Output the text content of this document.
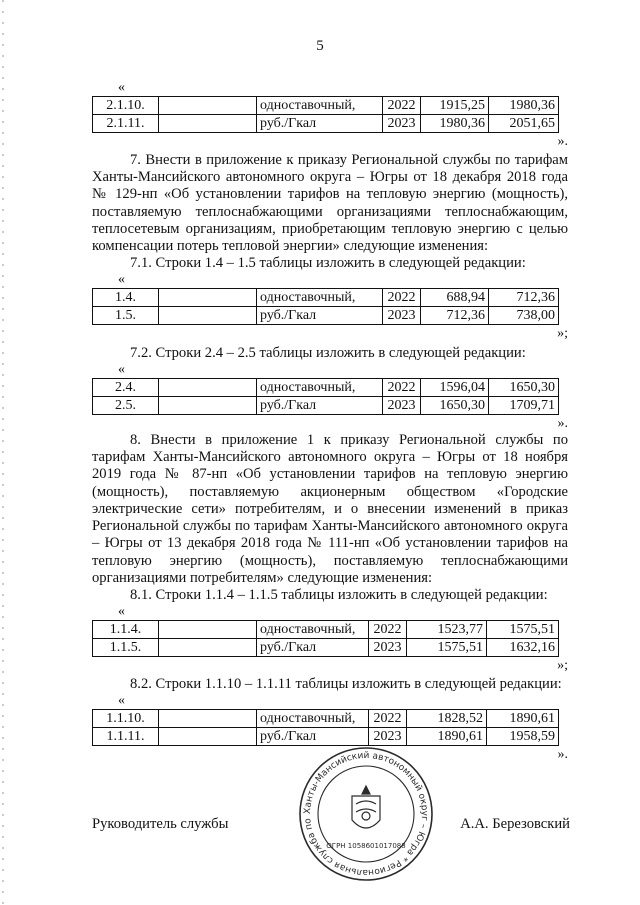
5
«
2.1.10.		одноставочный,	2022	1915,25	1980,36
2.1.11.		руб./Гкал	2023	1980,36	2051,65
».

7. Внести в приложение к приказу Региональной службы по тарифам Ханты-Мансийского автономного округа – Югры от 18 декабря 2018 года № 129-нп «Об установлении тарифов на тепловую энергию (мощность), поставляемую теплоснабжающими организациями теплоснабжающим, теплосетевым организациям, приобретающим тепловую энергию с целью компенсации потерь тепловой энергии» следующие изменения:

7.1. Строки 1.4 – 1.5 таблицы изложить в следующей редакции:
«
1.4.		одноставочный,	2022	688,94	712,36
1.5.		руб./Гкал	2023	712,36	738,00
»;
7.2. Строки 2.4 – 2.5 таблицы изложить в следующей редакции:
«
2.4.		одноставочный,	2022	1596,04	1650,30
2.5.		руб./Гкал	2023	1650,30	1709,71
».

8. Внести в приложение 1 к приказу Региональной службы по тарифам Ханты-Мансийского автономного округа – Югры от 18 ноября 2019 года № 87-нп «Об установлении тарифов на тепловую энергию (мощность), поставляемую акционерным обществом «Городские электрические сети» потребителям, и о внесении изменений в приказ Региональной службы по тарифам Ханты-Мансийского автономного округа – Югры от 13 декабря 2018 года № 111-нп «Об установлении тарифов на тепловую энергию (мощность), поставляемую теплоснабжающими организациями потребителям» следующие изменения:

8.1. Строки 1.1.4 – 1.1.5 таблицы изложить в следующей редакции:
«
1.1.4.		одноставочный,	2022	1523,77	1575,51
1.1.5.		руб./Гкал	2023	1575,51	1632,16
»;
8.2. Строки 1.1.10 – 1.1.11 таблицы изложить в следующей редакции:
«
1.1.10.		одноставочный,	2022	1828,52	1890,61
1.1.11.		руб./Гкал	2023	1890,61	1958,59
».
Ханты-Мансийский автономный округ – Югра * Региональная служба по
ОГРН 1058601017088
Руководитель службы	А.А. Березовский
